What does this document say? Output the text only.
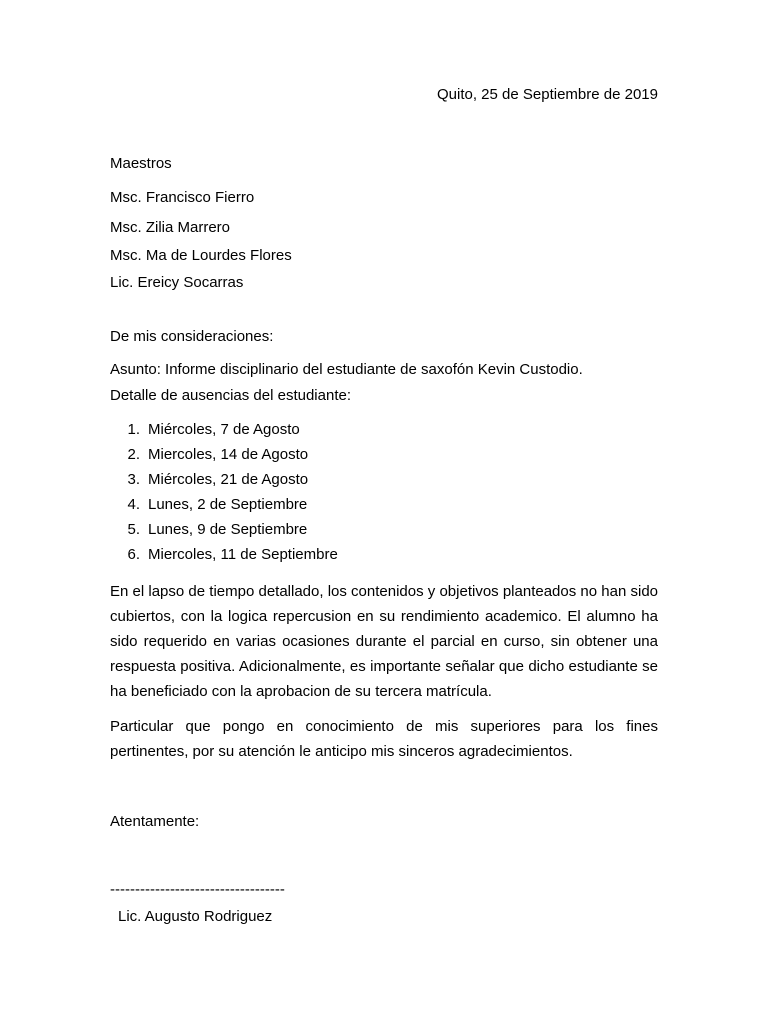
Quito, 25 de Septiembre de 2019
Maestros
Msc. Francisco Fierro
Msc. Zilia Marrero
Msc. Ma de Lourdes Flores
Lic. Ereicy Socarras
De mis consideraciones:
Asunto: Informe disciplinario del estudiante de saxofón Kevin Custodio.
Detalle de ausencias del estudiante:
1. Miércoles, 7 de Agosto
2. Miercoles, 14 de Agosto
3. Miércoles, 21 de Agosto
4. Lunes, 2 de Septiembre
5. Lunes, 9 de Septiembre
6. Miercoles, 11 de Septiembre

En el lapso de tiempo detallado, los contenidos y objetivos planteados no han sido cubiertos, con la logica repercusion en su rendimiento academico. El alumno ha sido requerido en varias ocasiones durante el parcial en curso, sin obtener una respuesta positiva. Adicionalmente, es importante señalar que dicho estudiante se ha beneficiado con la aprobacion de su tercera matrícula.

Particular que pongo en conocimiento de mis superiores para los fines pertinentes, por su atención le anticipo mis sinceros agradecimientos.

Atentamente:
-----------------------------------
Lic. Augusto Rodriguez
